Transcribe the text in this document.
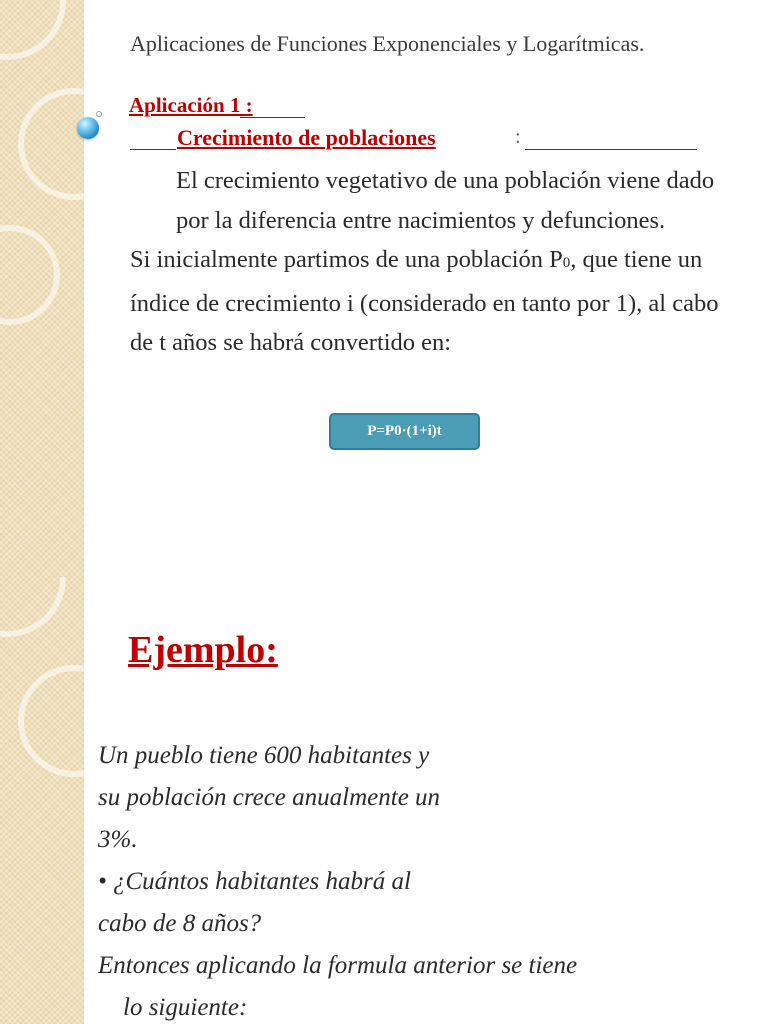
Aplicaciones de Funciones Exponenciales y Logarítmicas.
Aplicación 1 :
Crecimiento de poblaciones	:

El crecimiento vegetativo de una población viene dado por la diferencia entre nacimientos y defunciones.

Si inicialmente partimos de una población P0, que tiene un índice de crecimiento i (considerado en tanto por 1), al cabo de t años se habrá convertido en:

P=P0·(1+i)t
Ejemplo:

Un pueblo tiene 600 habitantes y

su población crece anualmente un

3%.

• ¿Cuántos habitantes habrá al

cabo de 8 años?

Entonces aplicando la formula anterior se tiene

lo siguiente:
